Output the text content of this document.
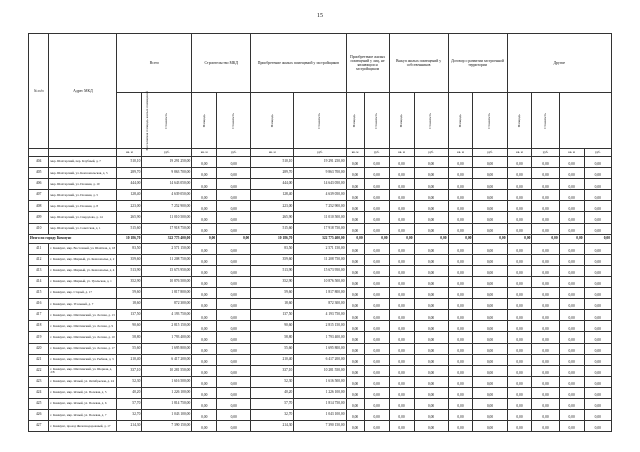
15
№ п/п	Адрес МКД	Всего		Строительство МКД		Приобретение жилых помещений у застройщиков		Приобретение жилых помещений у лиц, не являющихся застройщиком		Выкуп жилых помещений у собственников		Договор о развитии застроенной территории		Другие			
		Расселяемая площадь жилых помещений	Стоимость	Площадь	Стоимость	Площадь	Стоимость	Площадь	Стоимость	Площадь	Стоимость	Площадь	Стоимость	Площадь	Стоимость		
		кв. м	руб.	кв. м	руб.	кв. м	руб.	кв. м	руб.	кв. м	руб.	кв. м	руб.	кв. м	руб.	кв. м	руб.
404	мкр. Шахтерский, пер. Клубный, д. 7	510,10	19 291 250,00	0,00	0,00	510,10	19 291 250,00	0,00	0,00	0,00	0,00	0,00	0,00	0,00	0,00	0,00	0,00
405	мкр. Шахтерский, ул. Комсомольская, д. 5	289,70	9 863 700,00	0,00	0,00	289,70	9 863 700,00	0,00	0,00	0,00	0,00	0,00	0,00	0,00	0,00	0,00	0,00
406	мкр. Шахтерский, ул. Полевая, д. 10	444,00	14 643 050,00	0,00	0,00	444,00	14 643 050,00	0,00	0,00	0,00	0,00	0,00	0,00	0,00	0,00	0,00	0,00
407	мкр. Шахтерский, ул. Полевая, д. 5	128,40	4 639 050,00	0,00	0,00	128,40	4 639 050,00	0,00	0,00	0,00	0,00	0,00	0,00	0,00	0,00	0,00	0,00
408	мкр. Шахтерский, ул. Полевая, д. 8	223,00	7 252 900,00	0,00	0,00	223,00	7 252 900,00	0,00	0,00	0,00	0,00	0,00	0,00	0,00	0,00	0,00	0,00
409	мкр. Шахтерский, ул. Свердлова, д. 14	265,90	11 010 500,00	0,00	0,00	265,90	11 010 500,00	0,00	0,00	0,00	0,00	0,00	0,00	0,00	0,00	0,00	0,00
410	мкр. Шахтерский, ул. Советская, д. 1	515,60	17 918 750,00	0,00	0,00	515,60	17 918 750,00	0,00	0,00	0,00	0,00	0,00	0,00	0,00	0,00	0,00	0,00
Итого по городу Коммунс		10 186,70	322 775 400,00	0,00	0,00	10 186,70	322 775 400,00	0,00	0,00	0,00	0,00	0,00	0,00	0,00	0,00	0,00	0,00
411	г. Коммунс, мкр. Восточный, ул. Шахтная, д. 18	83,50	2 571 150,00	0,00	0,00	83,50	2 571 150,00	0,00	0,00	0,00	0,00	0,00	0,00	0,00	0,00	0,00	0,00
412	г. Коммунс, мкр. Мирный, ул. Комсомолья, д. 2	359,60	11 208 750,00	0,00	0,00	359,60	11 208 750,00	0,00	0,00	0,00	0,00	0,00	0,00	0,00	0,00	0,00	0,00
413	г. Коммунс, мкр. Мирный, ул. Комсомолья, д. 4	513,90	15 673 950,00	0,00	0,00	513,90	15 673 950,00	0,00	0,00	0,00	0,00	0,00	0,00	0,00	0,00	0,00	0,00
414	г. Коммунс, мкр. Мирный, ул. Уральская, д. 1	352,90	10 876 500,00	0,00	0,00	352,90	10 876 500,00	0,00	0,00	0,00	0,00	0,00	0,00	0,00	0,00	0,00	0,00
415	г. Коммунс, мкр. Старый, д. 17	59,60	1 817 800,00	0,00	0,00	59,60	1 817 800,00	0,00	0,00	0,00	0,00	0,00	0,00	0,00	0,00	0,00	0,00
416	г. Коммунс, мкр. Угольный, д. 7	18,60	872 300,00	0,00	0,00	18,60	872 300,00	0,00	0,00	0,00	0,00	0,00	0,00	0,00	0,00	0,00	0,00
417	г. Коммунс, мкр. Шахтинский, ул. Лесная, д. 13	137,50	4 193 750,00	0,00	0,00	137,50	4 193 750,00	0,00	0,00	0,00	0,00	0,00	0,00	0,00	0,00	0,00	0,00
418	г. Коммунс, мкр. Шахтинский, ул. Лесная, д. 9	90,60	2 815 150,00	0,00	0,00	90,60	2 815 150,00	0,00	0,00	0,00	0,00	0,00	0,00	0,00	0,00	0,00	0,00
419	г. Коммунс, мкр. Шахтинский, ул. Лесная, д. 10	58,80	1 793 400,00	0,00	0,00	58,80	1 793 400,00	0,00	0,00	0,00	0,00	0,00	0,00	0,00	0,00	0,00	0,00
420	г. Коммунс, мкр. Шахтинский, ул. Лесная, д. 17	55,60	1 695 800,00	0,00	0,00	55,60	1 695 800,00	0,00	0,00	0,00	0,00	0,00	0,00	0,00	0,00	0,00	0,00
421	г. Коммунс, мкр. Шахтинский, ул. Рыбная, д. 3	210,40	6 417 200,00	0,00	0,00	210,40	6 417 200,00	0,00	0,00	0,00	0,00	0,00	0,00	0,00	0,00	0,00	0,00
422	г. Коммунс, мкр. Шахтинский, ул. Шорная, д. 2/8	337,10	10 281 550,00	0,00	0,00	337,10	10 281 550,00	0,00	0,00	0,00	0,00	0,00	0,00	0,00	0,00	0,00	0,00
423	г. Коммунс, мкр. Ясный, ул. Октябрьская, д. 24	52,30	1 616 500,00	0,00	0,00	52,30	1 616 500,00	0,00	0,00	0,00	0,00	0,00	0,00	0,00	0,00	0,00	0,00
424	г. Коммунс, мкр. Ясный, ул. Полевая, д. 5	40,20	1 226 100,00	0,00	0,00	40,20	1 226 100,00	0,00	0,00	0,00	0,00	0,00	0,00	0,00	0,00	0,00	0,00
425	г. Коммунс, мкр. Ясный, ул. Полевая, д. 6	57,70	1 814 750,00	0,00	0,00	57,70	1 814 750,00	0,00	0,00	0,00	0,00	0,00	0,00	0,00	0,00	0,00	0,00
426	г. Коммунс, мкр. Ясный, ул. Полевая, д. 7	32,70	1 043 100,00	0,00	0,00	32,70	1 043 100,00	0,00	0,00	0,00	0,00	0,00	0,00	0,00	0,00	0,00	0,00
427	г. Коммунс, проезд Железнодорожный, д. 17	214,30	7 390 150,00	0,00	0,00	214,30	7 390 150,00	0,00	0,00	0,00	0,00	0,00	0,00	0,00	0,00	0,00	0,00
